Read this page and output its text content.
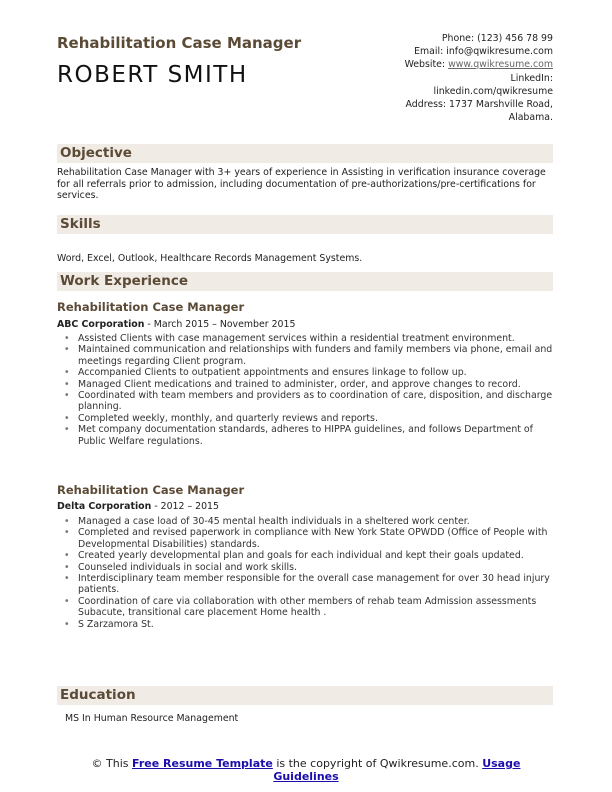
Rehabilitation Case Manager
ROBERT SMITH
Phone: (123) 456 78 99
Email: info@qwikresume.com
Website: www.qwikresume.com
LinkedIn:
linkedin.com/qwikresume
Address: 1737 Marshville Road, Alabama.
Objective
Rehabilitation Case Manager with 3+ years of experience in Assisting in verification insurance coverage for all referrals prior to admission, including documentation of pre-authorizations/pre-certifications for services.
Skills
Word, Excel, Outlook, Healthcare Records Management Systems.
Work Experience
Rehabilitation Case Manager
ABC Corporation - March 2015 – November 2015
• Assisted Clients with case management services within a residential treatment environment.
• Maintained communication and relationships with funders and family members via phone, email and meetings regarding Client program.
• Accompanied Clients to outpatient appointments and ensures linkage to follow up.
• Managed Client medications and trained to administer, order, and approve changes to record.
• Coordinated with team members and providers as to coordination of care, disposition, and discharge planning.
• Completed weekly, monthly, and quarterly reviews and reports.
• Met company documentation standards, adheres to HIPPA guidelines, and follows Department of Public Welfare regulations.
Rehabilitation Case Manager
Delta Corporation - 2012 – 2015
• Managed a case load of 30-45 mental health individuals in a sheltered work center.
• Completed and revised paperwork in compliance with New York State OPWDD (Office of People with Developmental Disabilities) standards.
• Created yearly developmental plan and goals for each individual and kept their goals updated.
• Counseled individuals in social and work skills.
• Interdisciplinary team member responsible for the overall case management for over 30 head injury patients.
• Coordination of care via collaboration with other members of rehab team Admission assessments Subacute, transitional care placement Home health .
• S Zarzamora St.
Education
MS In Human Resource Management
© This Free Resume Template is the copyright of Qwikresume.com. Usage Guidelines
